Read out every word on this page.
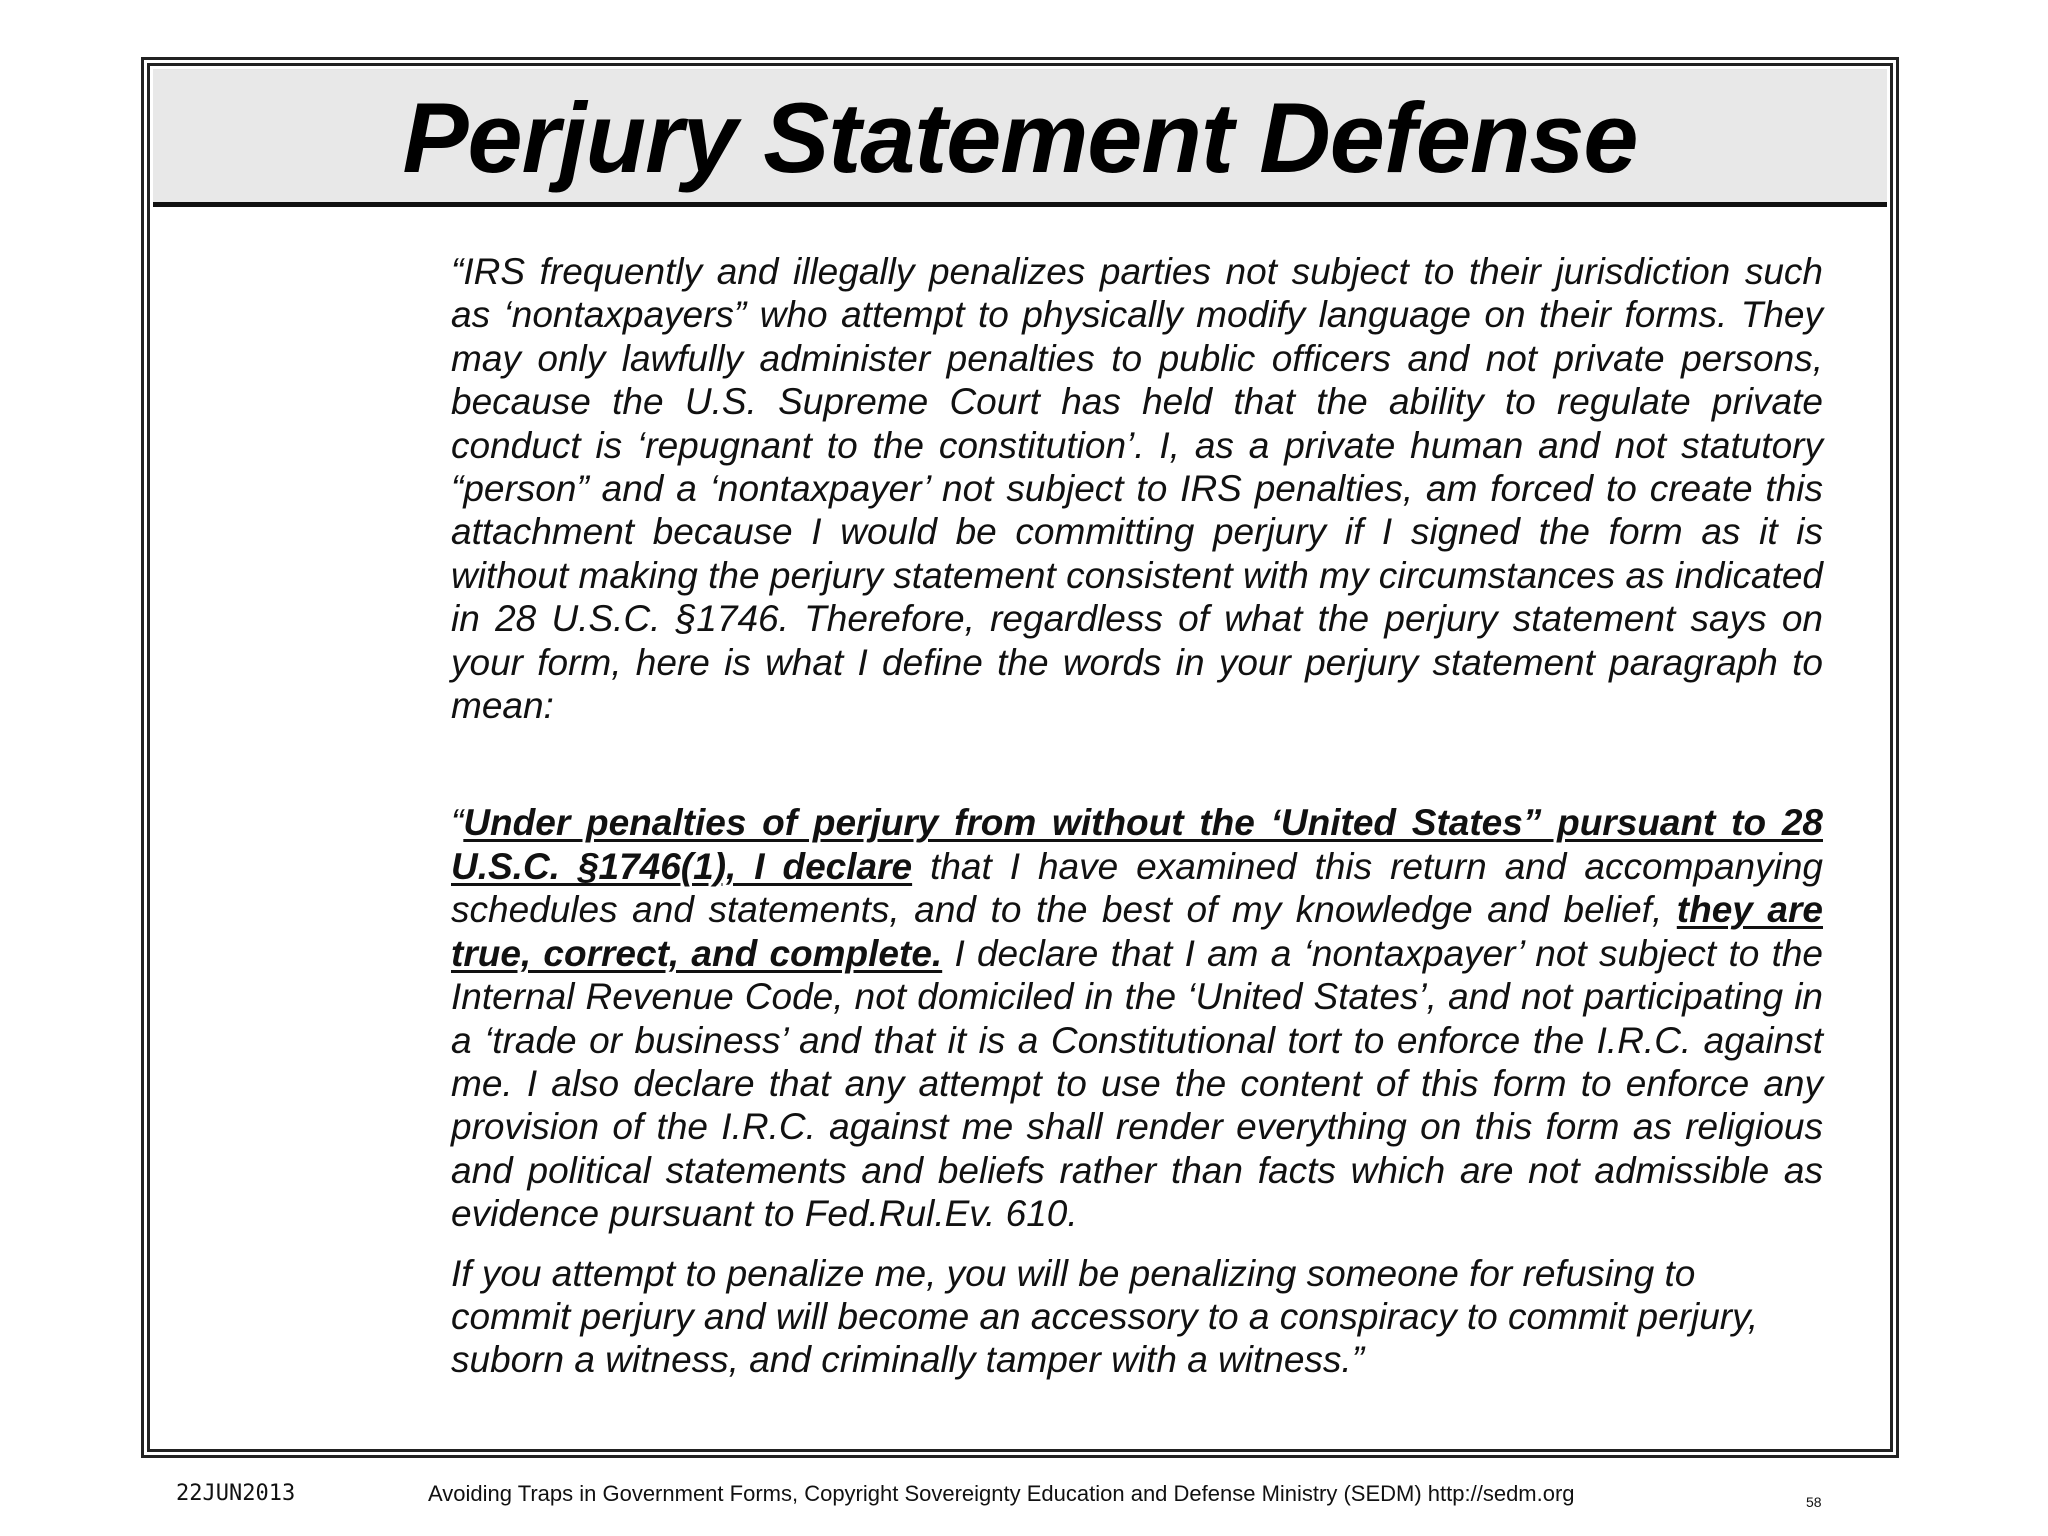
Perjury Statement Defense

“IRS frequently and illegally penalizes parties not subject to their jurisdiction such as ‘nontaxpayers” who attempt to physically modify language on their forms. They may only lawfully administer penalties to public officers and not private persons, because the U.S. Supreme Court has held that the ability to regulate private conduct is ‘repugnant to the constitution’. I, as a private human and not statutory “person” and a ‘nontaxpayer’ not subject to IRS penalties, am forced to create this attachment because I would be committing perjury if I signed the form as it is without making the perjury statement consistent with my circumstances as indicated in 28 U.S.C. §1746. Therefore, regardless of what the perjury statement says on your form, here is what I define the words in your perjury statement paragraph to mean:

“Under penalties of perjury from without the ‘United States” pursuant to 28 U.S.C. §1746(1), I declare that I have examined this return and accompanying schedules and statements, and to the best of my knowledge and belief, they are true, correct, and complete. I declare that I am a ‘nontaxpayer’ not subject to the Internal Revenue Code, not domiciled in the ‘United States’, and not participating in a ‘trade or business’ and that it is a Constitutional tort to enforce the I.R.C. against me. I also declare that any attempt to use the content of this form to enforce any provision of the I.R.C. against me shall render everything on this form as religious and political statements and beliefs rather than facts which are not admissible as evidence pursuant to Fed.Rul.Ev. 610.

If you attempt to penalize me, you will be penalizing someone for refusing to commit perjury and will become an accessory to a conspiracy to commit perjury, suborn a witness, and criminally tamper with a witness.”

22JUN2013	Avoiding Traps in Government Forms, Copyright Sovereignty Education and Defense Ministry (SEDM) http://sedm.org	58
